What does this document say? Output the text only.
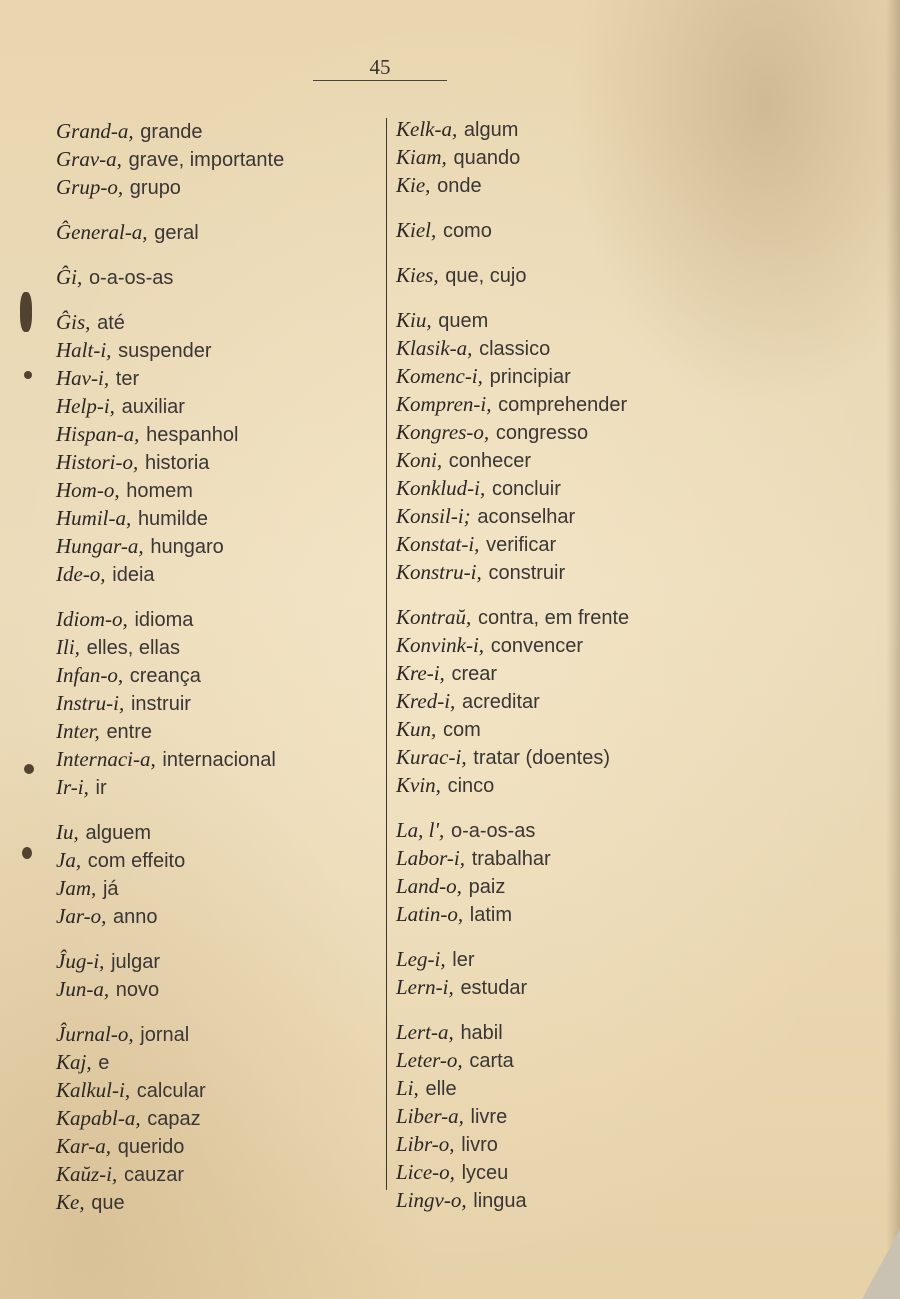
45
Grand-a, grande
Grav-a, grave, importante
Grup-o, grupo
Ĝeneral-a, geral
Ĝi, o-a-os-as
Ĝis, até
Halt-i, suspender
Hav-i, ter
Help-i, auxiliar
Hispan-a, hespanhol
Histori-o, historia
Hom-o, homem
Humil-a, humilde
Hungar-a, hungaro
Ide-o, ideia
Idiom-o, idioma
Ili, elles, ellas
Infan-o, creança
Instru-i, instruir
Inter, entre
Internaci-a, internacional
Ir-i, ir
Iu, alguem
Ja, com effeito
Jam, já
Jar-o, anno
Ĵug-i, julgar
Jun-a, novo
Ĵurnal-o, jornal
Kaj, e
Kalkul-i, calcular
Kapabl-a, capaz
Kar-a, querido
Kaŭz-i, cauzar
Ke, que
Kelk-a, algum
Kiam, quando
Kie, onde
Kiel, como
Kies, que, cujo
Kiu, quem
Klasik-a, classico
Komenc-i, principiar
Kompren-i, comprehender
Kongres-o, congresso
Koni, conhecer
Konklud-i, concluir
Konsil-i; aconselhar
Konstat-i, verificar
Konstru-i, construir
Kontraŭ, contra, em frente
Konvink-i, convencer
Kre-i, crear
Kred-i, acreditar
Kun, com
Kurac-i, tratar (doentes)
Kvin, cinco
La, l', o-a-os-as
Labor-i, trabalhar
Land-o, paiz
Latin-o, latim
Leg-i, ler
Lern-i, estudar
Lert-a, habil
Leter-o, carta
Li, elle
Liber-a, livre
Libr-o, livro
Lice-o, lyceu
Lingv-o, lingua
